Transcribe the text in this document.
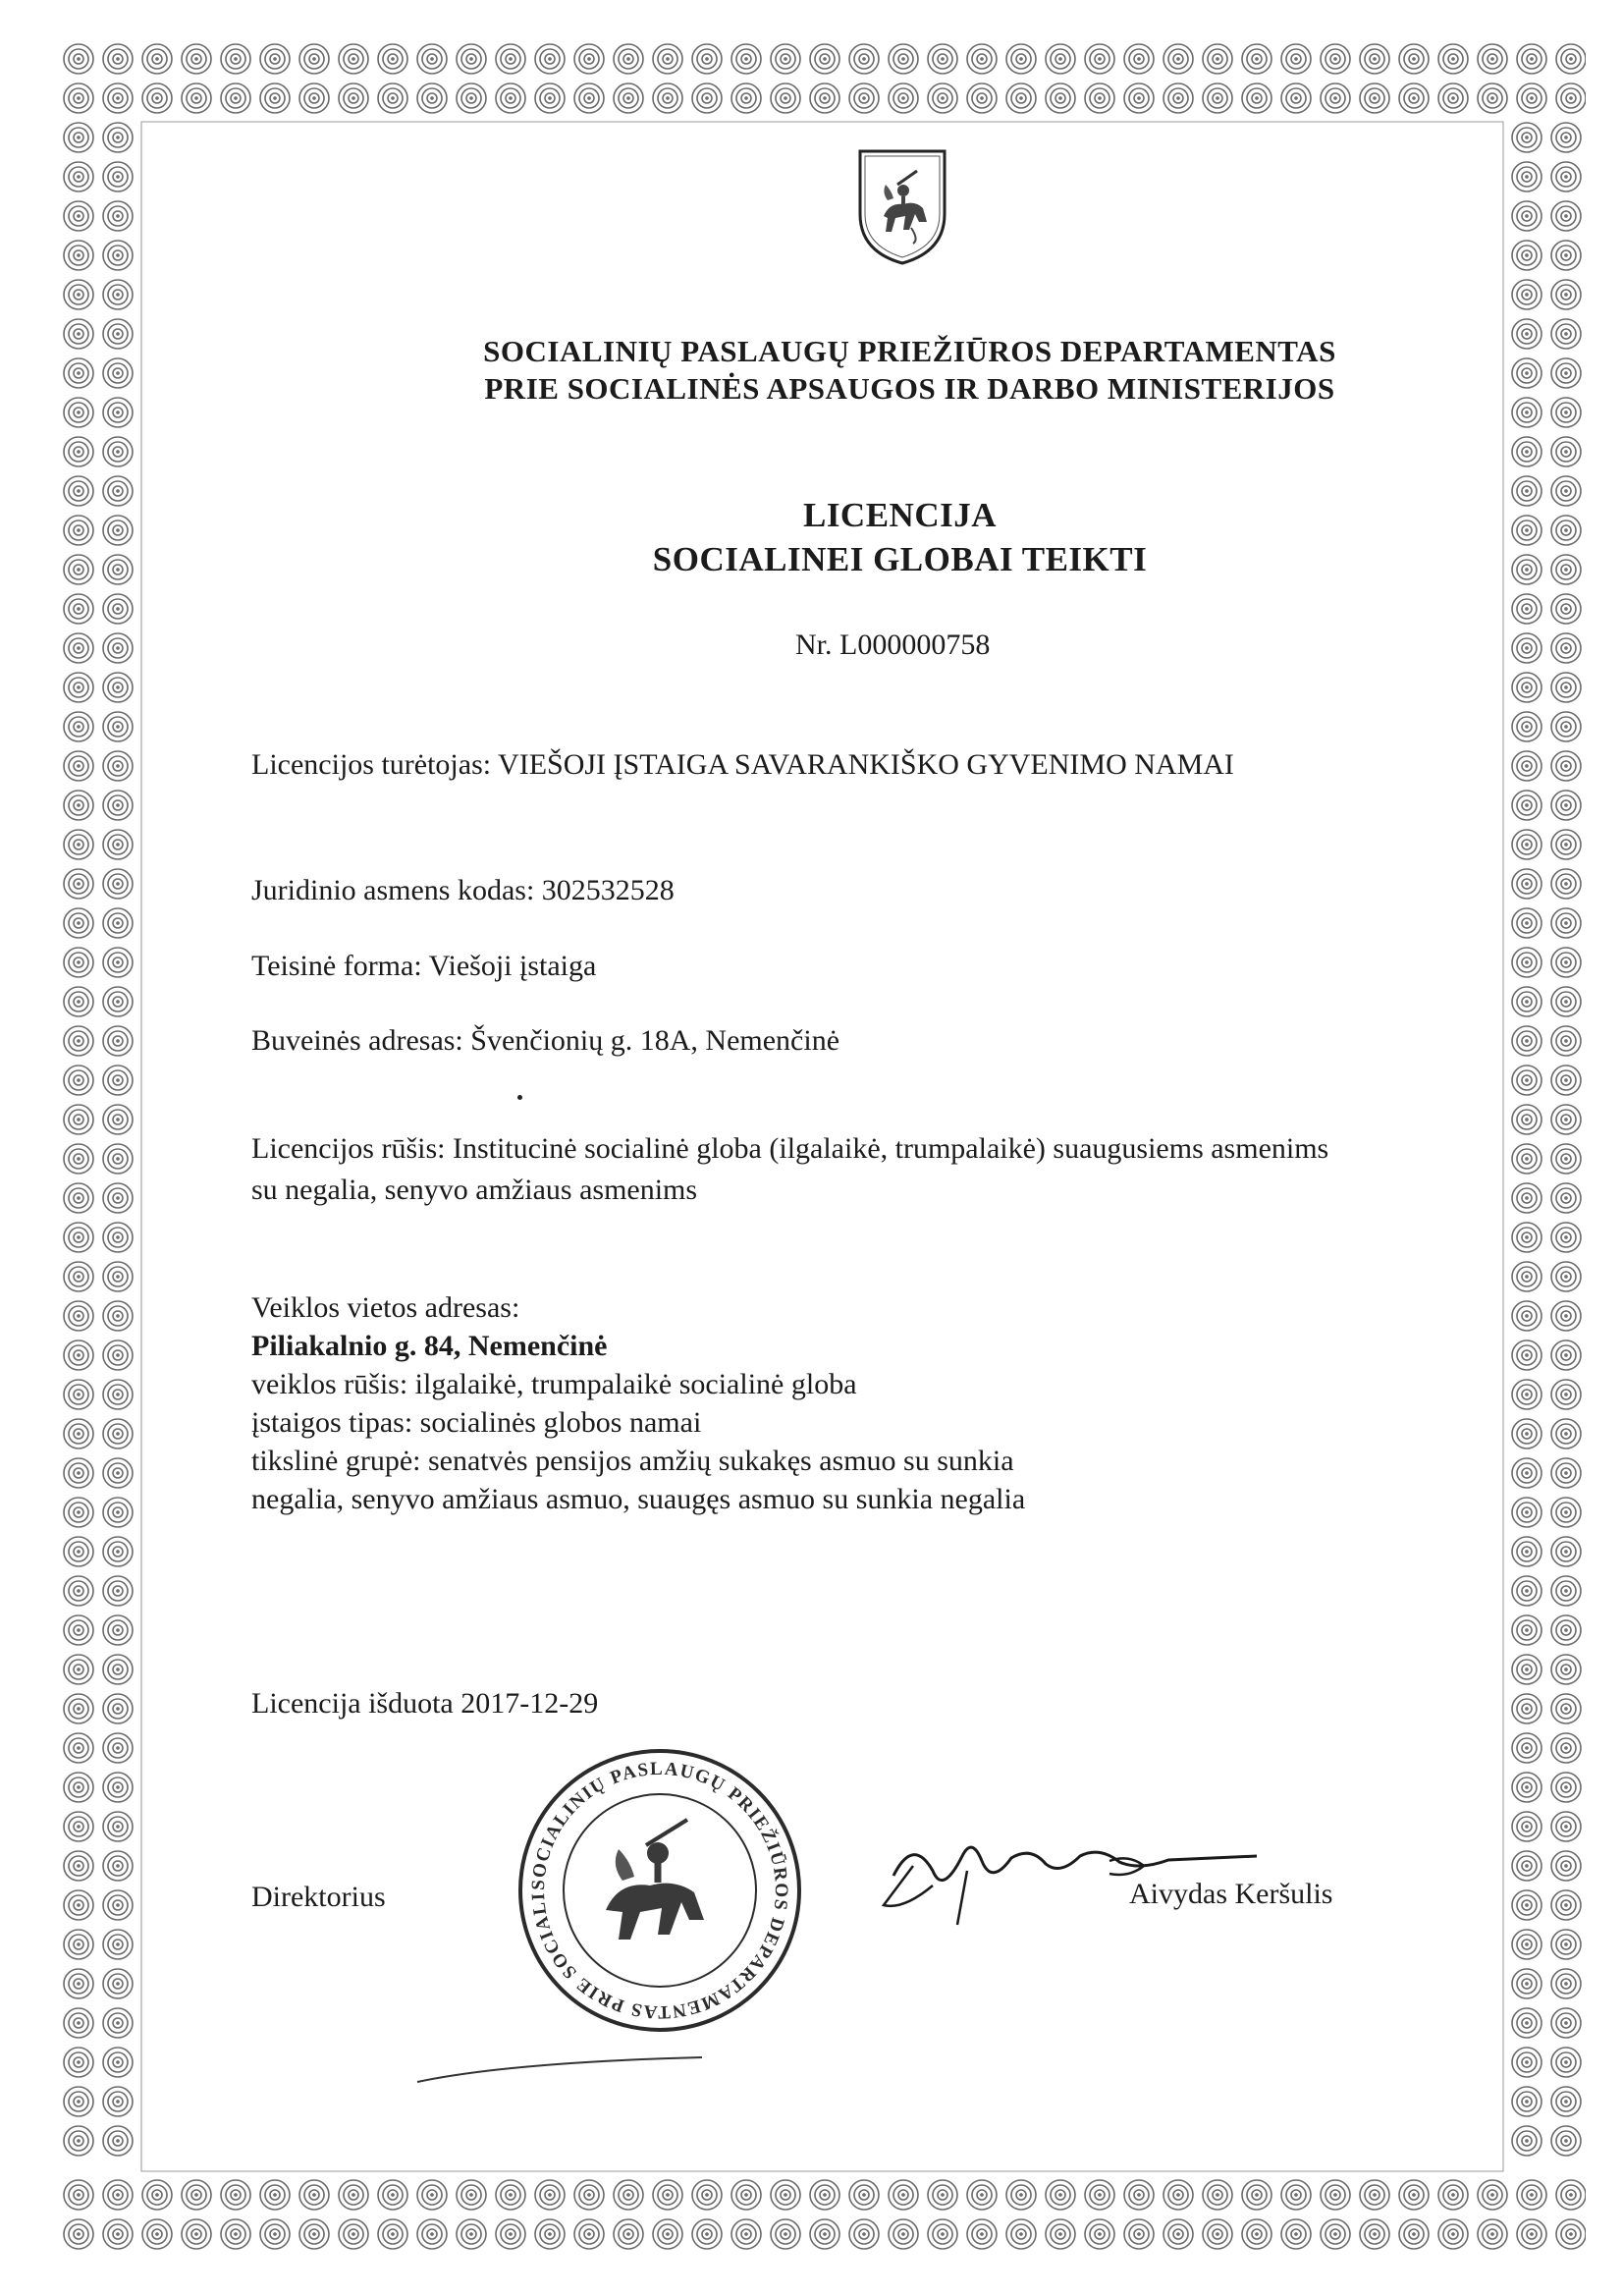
SOCIALINIŲ PASLAUGŲ PRIEŽIŪROS DEPARTAMENTAS
PRIE SOCIALINĖS APSAUGOS IR DARBO MINISTERIJOS
LICENCIJA
SOCIALINEI GLOBAI TEIKTI
Nr. L000000758
Licencijos turėtojas: VIEŠOJI ĮSTAIGA SAVARANKIŠKO GYVENIMO NAMAI
Juridinio asmens kodas: 302532528
Teisinė forma: Viešoji įstaiga
Buveinės adresas: Švenčionių g. 18A, Nemenčinė
Licencijos rūšis: Institucinė socialinė globa (ilgalaikė, trumpalaikė) suaugusiems asmenims
su negalia, senyvo amžiaus asmenims
Veiklos vietos adresas:
Piliakalnio g. 84, Nemenčinė
veiklos rūšis: ilgalaikė, trumpalaikė socialinė globa
įstaigos tipas: socialinės globos namai
tikslinė grupė: senatvės pensijos amžių sukakęs asmuo su sunkia
negalia, senyvo amžiaus asmuo, suaugęs asmuo su sunkia negalia
Licencija išduota 2017-12-29
Direktorius	Aivydas Keršulis
SOCIALINIŲ PASLAUGŲ PRIEŽIŪROS DEPARTAMENTAS PRIE SOCIALI
